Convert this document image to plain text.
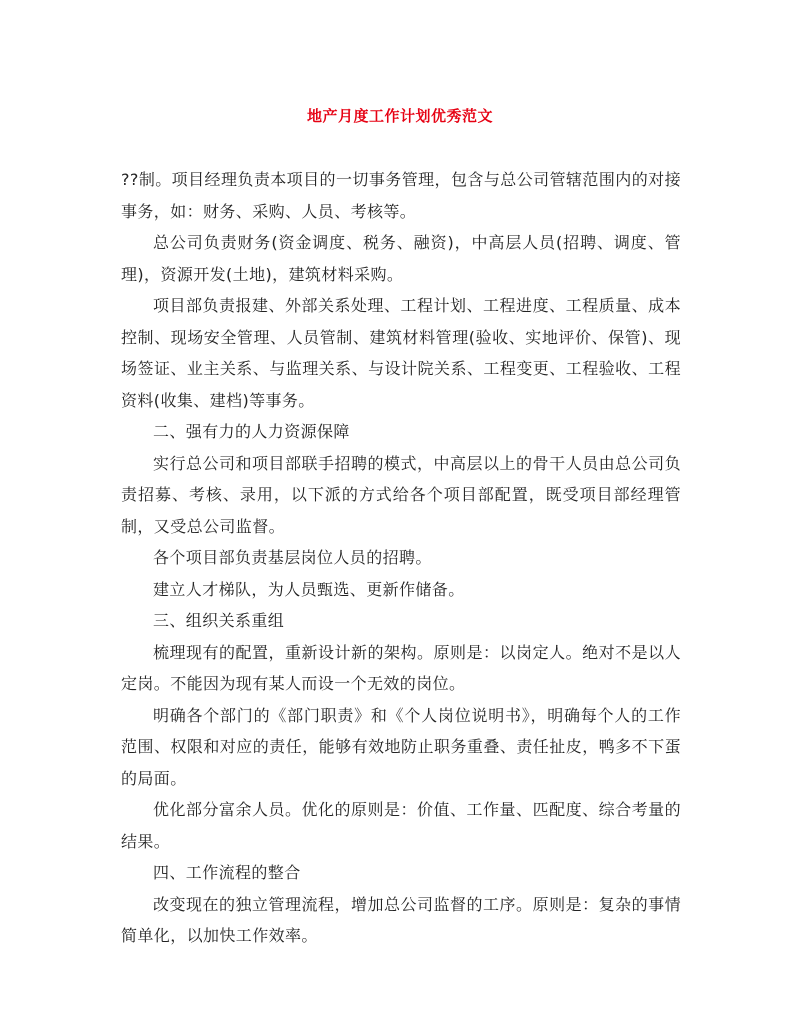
地产月度工作计划优秀范文

??制。项目经理负责本项目的一切事务管理，包含与总公司管辖范围内的对接事务，如：财务、采购、人员、考核等。

总公司负责财务(资金调度、税务、融资)，中高层人员(招聘、调度、管理)，资源开发(土地)，建筑材料采购。

项目部负责报建、外部关系处理、工程计划、工程进度、工程质量、成本控制、现场安全管理、人员管制、建筑材料管理(验收、实地评价、保管)、现场签证、业主关系、与监理关系、与设计院关系、工程变更、工程验收、工程资料(收集、建档)等事务。

二、强有力的人力资源保障

实行总公司和项目部联手招聘的模式，中高层以上的骨干人员由总公司负责招募、考核、录用，以下派的方式给各个项目部配置，既受项目部经理管制，又受总公司监督。

各个项目部负责基层岗位人员的招聘。

建立人才梯队，为人员甄选、更新作储备。

三、组织关系重组

梳理现有的配置，重新设计新的架构。原则是：以岗定人。绝对不是以人定岗。不能因为现有某人而设一个无效的岗位。

明确各个部门的《部门职责》和《个人岗位说明书》，明确每个人的工作范围、权限和对应的责任，能够有效地防止职务重叠、责任扯皮，鸭多不下蛋的局面。

优化部分富余人员。优化的原则是：价值、工作量、匹配度、综合考量的结果。

四、工作流程的整合

改变现在的独立管理流程，增加总公司监督的工序。原则是：复杂的事情简单化，以加快工作效率。
